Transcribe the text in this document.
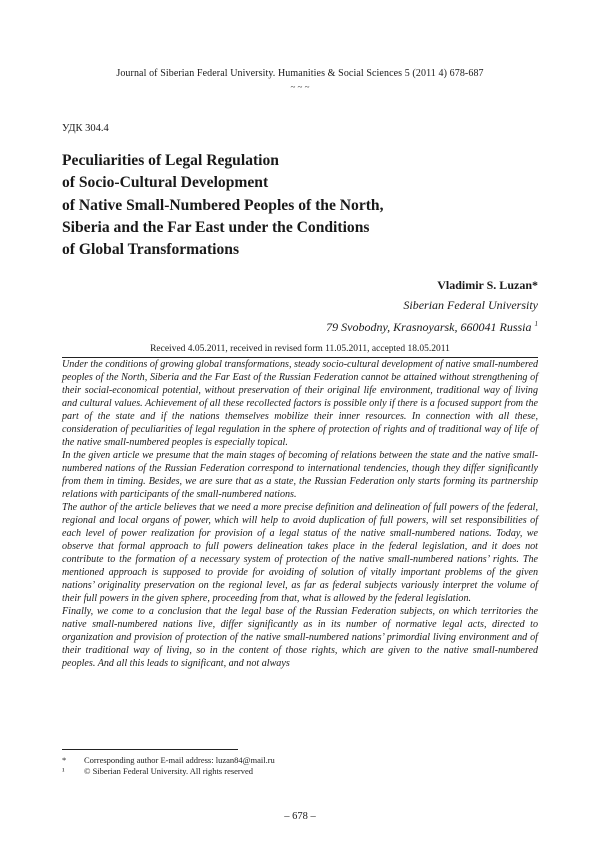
Journal of Siberian Federal University. Humanities & Social Sciences 5 (2011 4) 678-687
~ ~ ~
УДК 304.4
Peculiarities of Legal Regulation
of Socio-Cultural Development
of Native Small-Numbered Peoples of the North,
Siberia and the Far East under the Conditions
of Global Transformations
Vladimir S. Luzan*
Siberian Federal University
79 Svobodny, Krasnoyarsk, 660041 Russia $^1$
Received 4.05.2011, received in revised form 11.05.2011, accepted 18.05.2011

Under the conditions of growing global transformations, steady socio-cultural development of native small-numbered peoples of the North, Siberia and the Far East of the Russian Federation cannot be attained without strengthening of their social-economical potential, without preservation of their original life environment, traditional way of living and cultural values. Achievement of all these recollected factors is possible only if there is a focused support from the part of the state and if the nations themselves mobilize their inner resources. In connection with all these, consideration of peculiarities of legal regulation in the sphere of protection of rights and of traditional way of life of the native small-numbered peoples is especially topical.

In the given article we presume that the main stages of becoming of relations between the state and the native small-numbered nations of the Russian Federation correspond to international tendencies, though they differ significantly from them in timing. Besides, we are sure that as a state, the Russian Federation only starts forming its partnership relations with participants of the small-numbered nations.

The author of the article believes that we need a more precise definition and delineation of full powers of the federal, regional and local organs of power, which will help to avoid duplication of full powers, will set responsibilities of each level of power realization for provision of a legal status of the native small-numbered nations. Today, we observe that formal approach to full powers delineation takes place in the federal legislation, and it does not contribute to the formation of a necessary system of protection of the native small-numbered nations’ rights. The mentioned approach is supposed to provide for avoiding of solution of vitally important problems of the given nations’ originality preservation on the regional level, as far as federal subjects variously interpret the volume of their full powers in the given sphere, proceeding from that, what is allowed by the federal legislation.

Finally, we come to a conclusion that the legal base of the Russian Federation subjects, on which territories the native small-numbered nations live, differ significantly as in its number of normative legal acts, directed to organization and provision of protection of the native small-numbered nations’ primordial living environment and of their traditional way of living, so in the content of those rights, which are given to the native small-numbered peoples. And all this leads to significant, and not always

* Corresponding author E-mail address: luzan84@mail.ru
¹ © Siberian Federal University. All rights reserved
– 678 –
